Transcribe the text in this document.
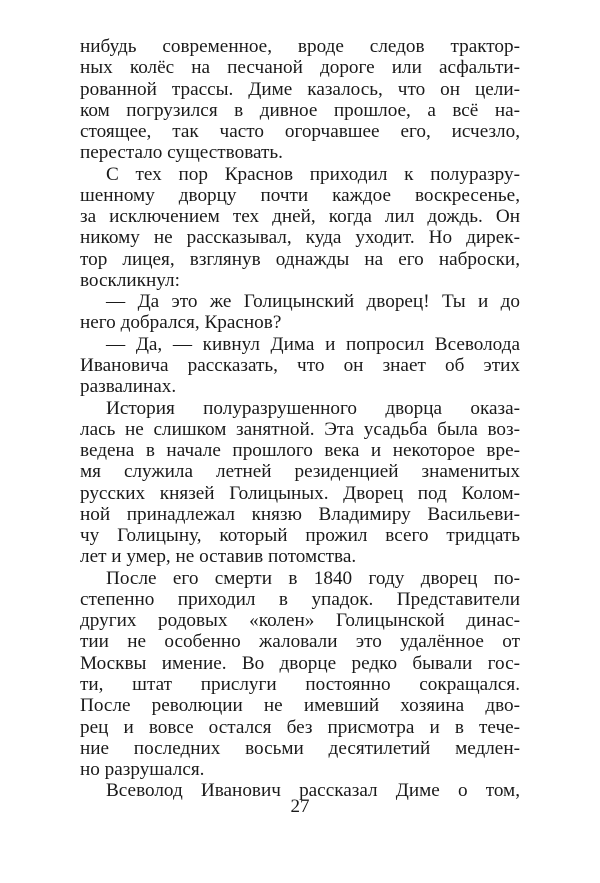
нибудь современное, вроде следов трактор-
ных колёс на песчаной дороге или асфальти-
рованной трассы. Диме казалось, что он цели-
ком погрузился в дивное прошлое, а всё на-
стоящее, так часто огорчавшее его, исчезло,
перестало существовать.
С тех пор Краснов приходил к полуразру-
шенному дворцу почти каждое воскресенье,
за исключением тех дней, когда лил дождь. Он
никому не рассказывал, куда уходит. Но дирек-
тор лицея, взглянув однажды на его наброски,
воскликнул:
— Да это же Голицынский дворец! Ты и до
него добрался, Краснов?
— Да, — кивнул Дима и попросил Всеволода
Ивановича рассказать, что он знает об этих
развалинах.
История полуразрушенного дворца оказа-
лась не слишком занятной. Эта усадьба была воз-
ведена в начале прошлого века и некоторое вре-
мя служила летней резиденцией знаменитых
русских князей Голицыных. Дворец под Колом-
ной принадлежал князю Владимиру Васильеви-
чу Голицыну, который прожил всего тридцать
лет и умер, не оставив потомства.
После его смерти в 1840 году дворец по-
степенно приходил в упадок. Представители
других родовых «колен» Голицынской динас-
тии не особенно жаловали это удалённое от
Москвы имение. Во дворце редко бывали гос-
ти, штат прислуги постоянно сокращался.
После революции не имевший хозяина дво-
рец и вовсе остался без присмотра и в тече-
ние последних восьми десятилетий медлен-
но разрушался.
Всеволод Иванович рассказал Диме о том,
27
